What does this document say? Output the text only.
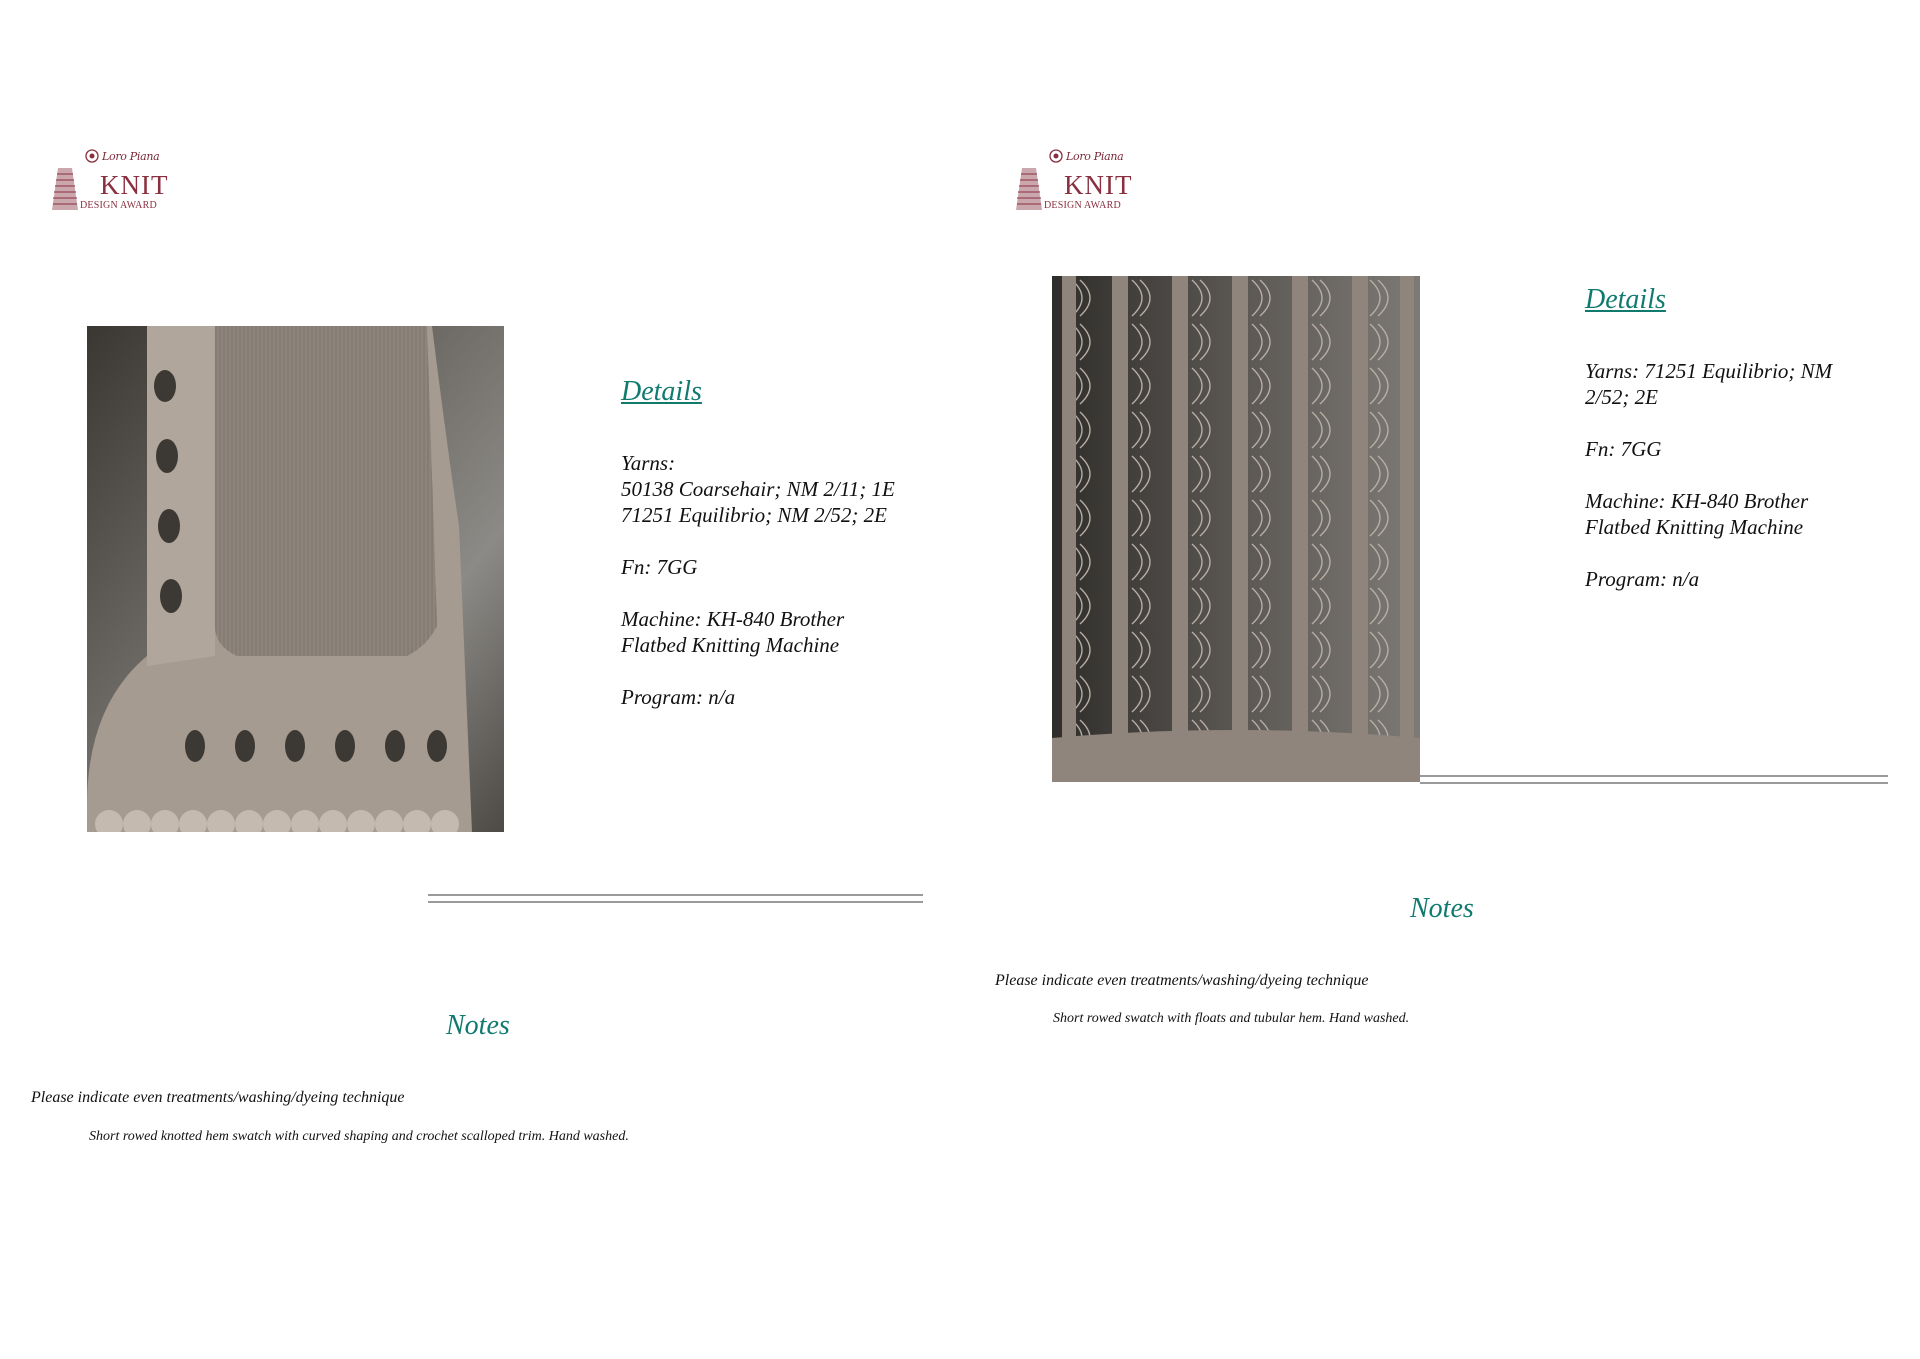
Loro Piana
KNIT
DESIGN AWARD
Details

Yarns:
50138 Coarsehair; NM 2/11; 1E
71251 Equilibrio; NM 2/52; 2E

Fn: 7GG

Machine: KH-840 Brother
Flatbed Knitting Machine

Program: n/a

Notes
Please indicate even treatments/washing/dyeing technique
Short rowed knotted hem swatch with curved shaping and crochet scalloped trim. Hand washed.
Loro Piana
KNIT
DESIGN AWARD
Details

Yarns: 71251 Equilibrio; NM
2/52; 2E

Fn: 7GG

Machine: KH-840 Brother
Flatbed Knitting Machine

Program: n/a

Notes
Please indicate even treatments/washing/dyeing technique
Short rowed swatch with floats and tubular hem. Hand washed.
